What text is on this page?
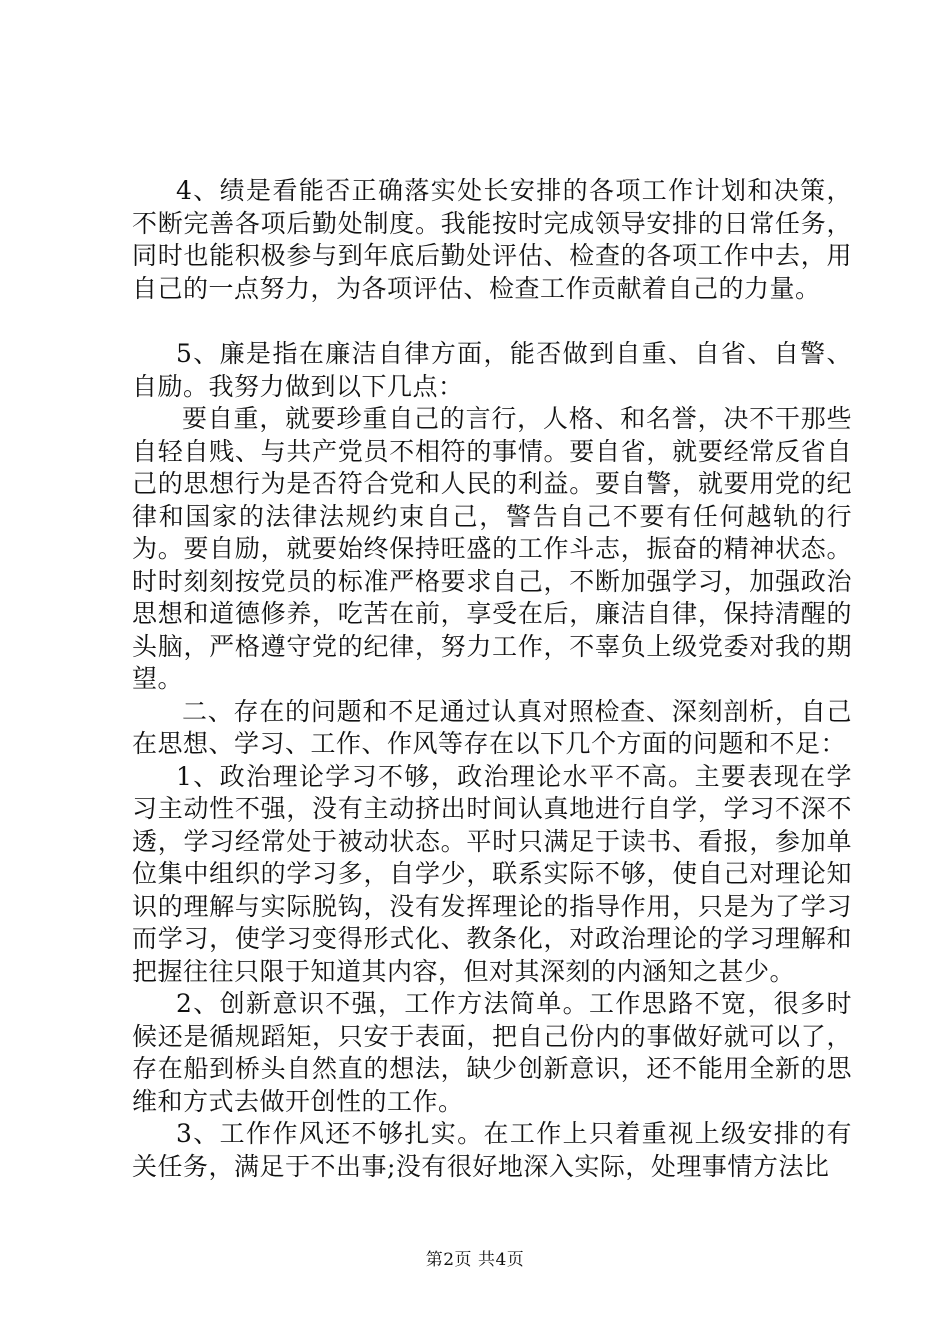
4、绩是看能否正确落实处长安排的各项工作计划和决策，不断完善各项后勤处制度。我能按时完成领导安排的日常任务，同时也能积极参与到年底后勤处评估、检查的各项工作中去，用自己的一点努力，为各项评估、检查工作贡献着自己的力量。

5、廉是指在廉洁自律方面，能否做到自重、自省、自警、自励。我努力做到以下几点：

要自重，就要珍重自己的言行，人格、和名誉，决不干那些自轻自贱、与共产党员不相符的事情。要自省，就要经常反省自己的思想行为是否符合党和人民的利益。要自警，就要用党的纪律和国家的法律法规约束自己，警告自己不要有任何越轨的行为。要自励，就要始终保持旺盛的工作斗志，振奋的精神状态。时时刻刻按党员的标准严格要求自己，不断加强学习，加强政治思想和道德修养，吃苦在前，享受在后，廉洁自律，保持清醒的头脑，严格遵守党的纪律，努力工作，不辜负上级党委对我的期望。

二、存在的问题和不足通过认真对照检查、深刻剖析，自己在思想、学习、工作、作风等存在以下几个方面的问题和不足：

1、政治理论学习不够，政治理论水平不高。主要表现在学习主动性不强，没有主动挤出时间认真地进行自学，学习不深不透，学习经常处于被动状态。平时只满足于读书、看报，参加单位集中组织的学习多，自学少，联系实际不够，使自己对理论知识的理解与实际脱钩，没有发挥理论的指导作用，只是为了学习而学习，使学习变得形式化、教条化，对政治理论的学习理解和把握往往只限于知道其内容，但对其深刻的内涵知之甚少。

2、创新意识不强，工作方法简单。工作思路不宽，很多时候还是循规蹈矩，只安于表面，把自己份内的事做好就可以了，存在船到桥头自然直的想法，缺少创新意识，还不能用全新的思维和方式去做开创性的工作。

3、工作作风还不够扎实。在工作上只着重视上级安排的有关任务，满足于不出事;没有很好地深入实际，处理事情方法比

第2页 共4页
